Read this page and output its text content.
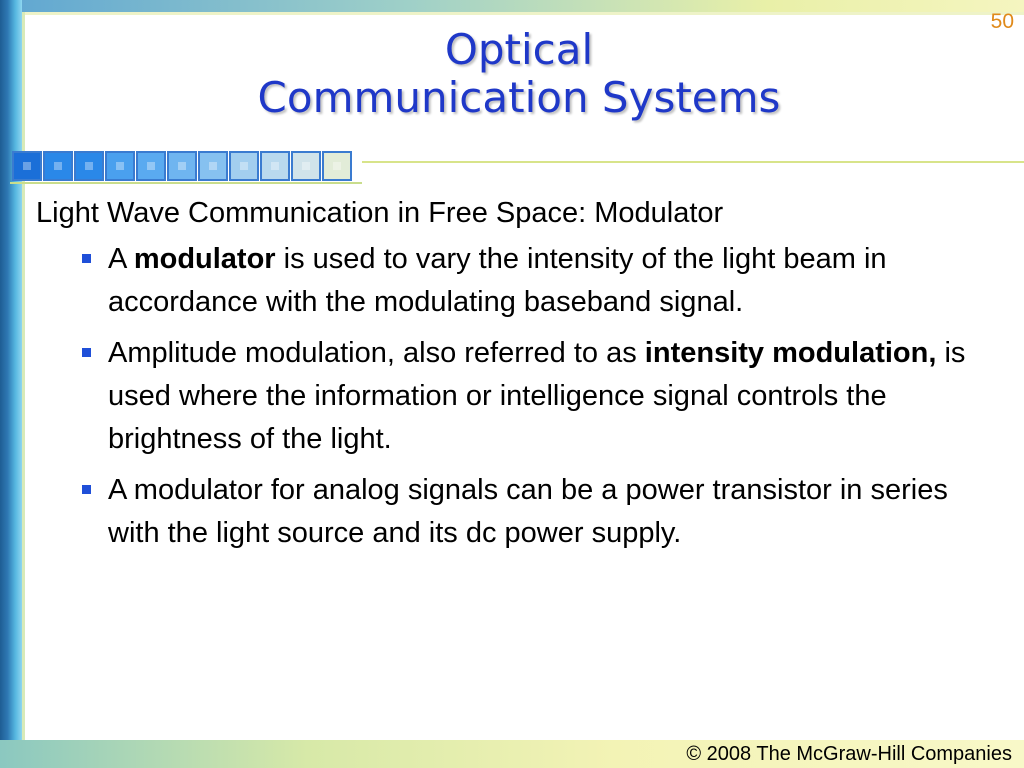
50
Optical
Communication Systems
Light Wave Communication in Free Space: Modulator
A modulator is used to vary the intensity of the light beam in accordance with the modulating baseband signal.
Amplitude modulation, also referred to as intensity modulation, is used where the information or intelligence signal controls the brightness of the light.
A modulator for analog signals can be a power transistor in series with the light source and its dc power supply.
© 2008 The McGraw-Hill Companies
